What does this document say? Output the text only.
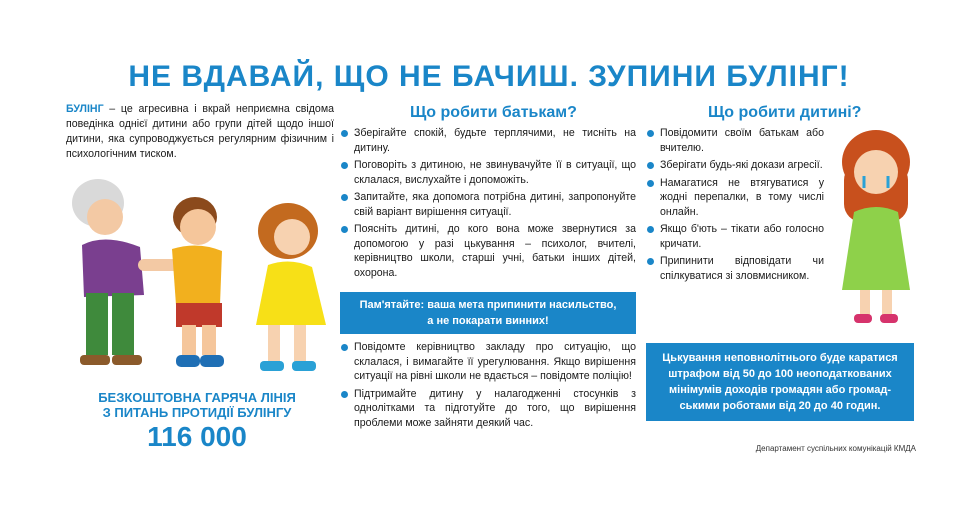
НЕ ВДАВАЙ, ЩО НЕ БАЧИШ. ЗУПИНИ БУЛІНГ!
БУЛІНГ – це агресивна і вкрай неприємна свідома поведінка однієї дитини або групи дітей щодо іншої дитини, яка супроводжується регулярним фізичним і психологічним тиском.
БЕЗКОШТОВНА ГАРЯЧА ЛІНІЯ
З ПИТАНЬ ПРОТИДІЇ БУЛІНГУ
116 000
Що робити батькам?
Зберігайте спокій, будьте терплячими, не тисніть на дитину.
Поговоріть з дитиною, не звинувачуйте її в ситуації, що склалася, вислухайте і допоможіть.
Запитайте, яка допомога потрібна дитині, запропонуйте свій варіант вирішення ситуації.
Поясніть дитині, до кого вона може звернутися за допомогою у разі цькування – психолог, вчителі, керівництво школи, старші учні, батьки інших дітей, охорона.
Пам'ятайте: ваша мета припинити насильство,
а не покарати винних!
Повідомте керівництво закладу про ситуацію, що склалася, і вимагайте її урегулювання. Якщо вирішення ситуації на рівні школи не вдається – повідомте поліцію!
Підтримайте дитину у налагодженні стосунків з однолітками та підготуйте до того, що вирішення проблеми може зайняти деякий час.
Що робити дитині?
Повідомити своїм батькам або вчителю.
Зберігати будь-які докази агресії.
Намагатися не втягуватися у жодні перепалки, в тому числі онлайн.
Якщо б'ють – тікати або голосно кричати.
Припинити відповідати чи спілкуватися зі зловмисником.
Цькування неповнолітнього буде каратися
штрафом від 50 до 100 неоподаткованих
мінімумів доходів громадян або громад-
ськими роботами від 20 до 40 годин.
Департамент суспільних комунікацій КМДА
